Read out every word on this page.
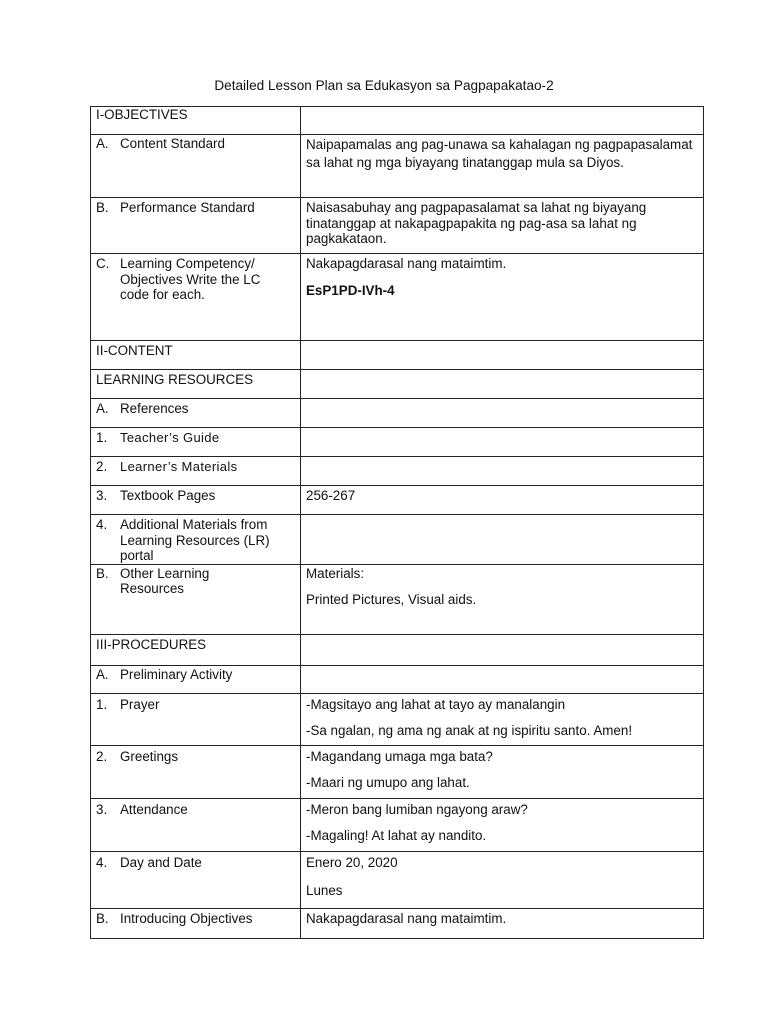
Detailed Lesson Plan sa Edukasyon sa Pagpapakatao-2
I-OBJECTIVES	

A. Content Standard	Naipapamalas ang pag-unawa sa kahalagan ng pagpapasalamat sa lahat ng mga biyayang tinatanggap mula sa Diyos.

B. Performance Standard	Naisasabuhay ang pagpapasalamat sa lahat ng biyayang tinatanggap at nakapagpapakita ng pag-asa sa lahat ng pagkakataon.

C. Learning Competency/ Objectives Write the LC code for each.	Nakapagdarasal nang mataimtim.
EsP1PD-IVh-4

II-CONTENT	

LEARNING RESOURCES	

A. References	
1. Teacher’s Guide	
2. Learner’s Materials	
3. Textbook Pages	256-267

4. Additional Materials from Learning Resources (LR) portal	
B. Other Learning Resources	Materials:
Printed Pictures, Visual aids.

III-PROCEDURES	

A. Preliminary Activity	
1. Prayer	-Magsitayo ang lahat at tayo ay manalangin
-Sa ngalan, ng ama ng anak at ng ispiritu santo. Amen!

2. Greetings	-Magandang umaga mga bata?
-Maari ng umupo ang lahat.

3. Attendance	-Meron bang lumiban ngayong araw?
-Magaling! At lahat ay nandito.

4. Day and Date	Enero 20, 2020
Lunes

B. Introducing Objectives	Nakapagdarasal nang mataimtim.
